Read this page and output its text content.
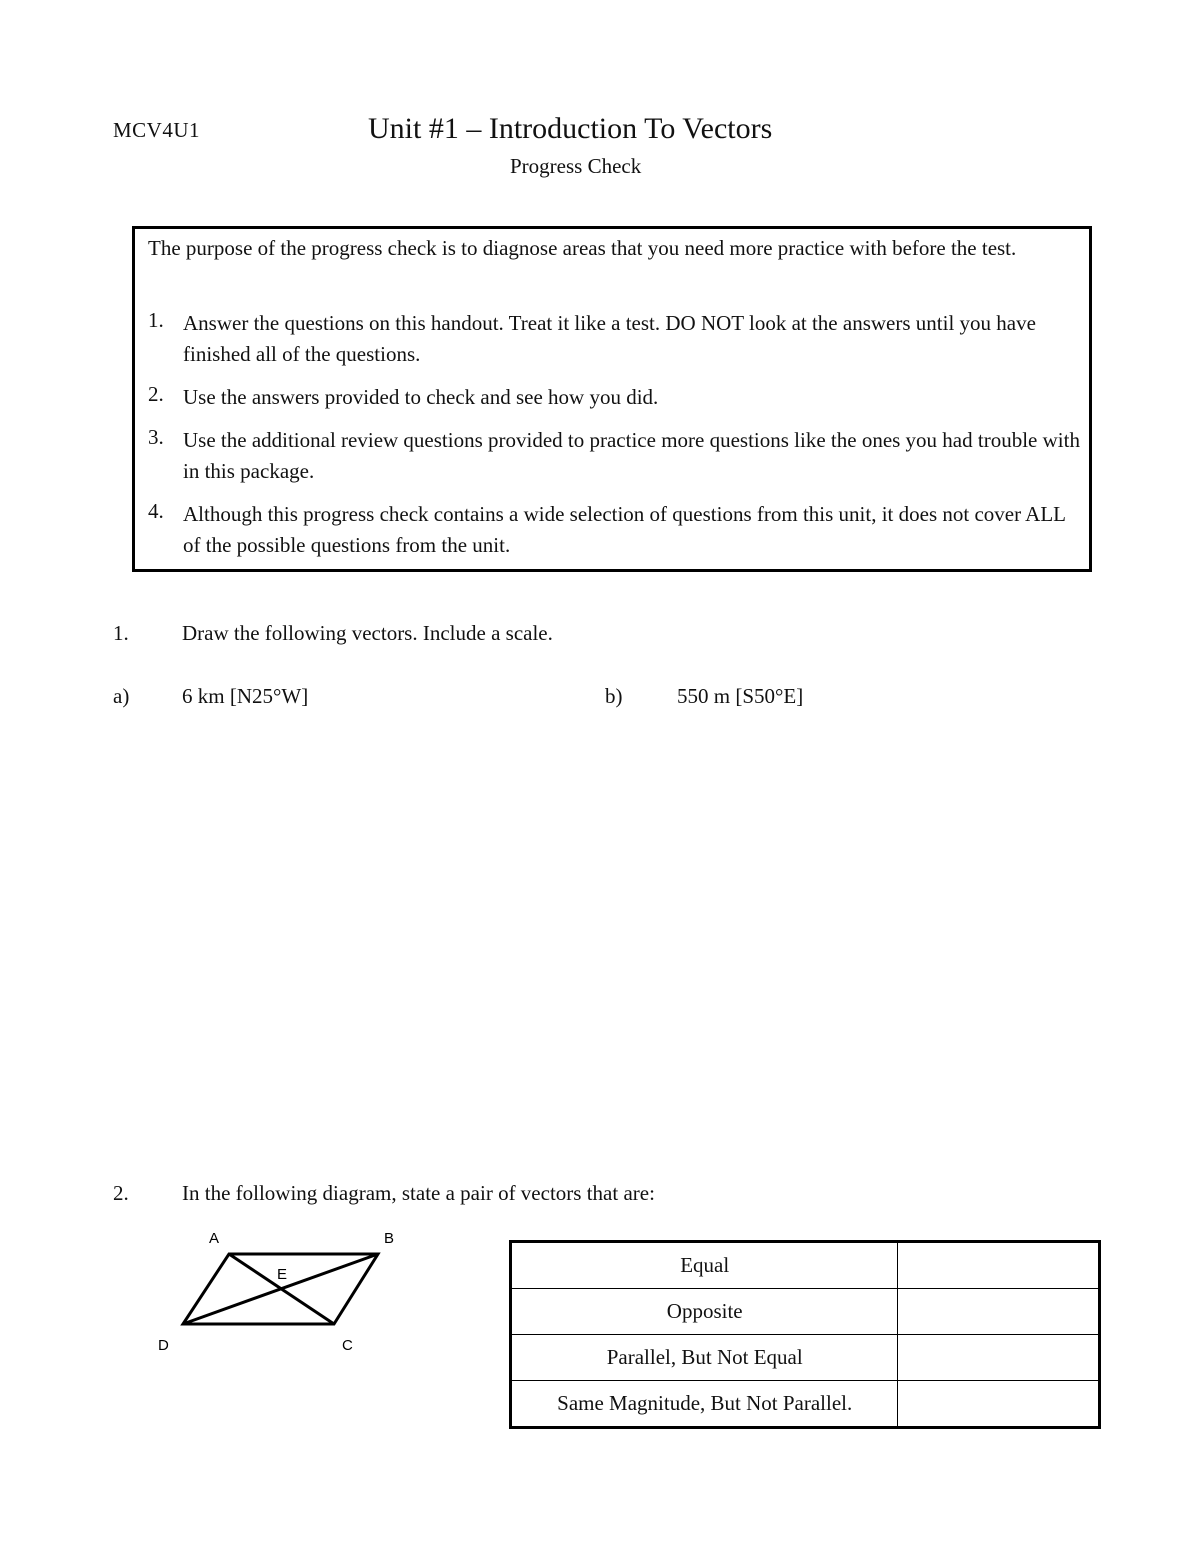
MCV4U1	Unit #1 – Introduction To Vectors
Progress Check
The purpose of the progress check is to diagnose areas that you need more practice with before the test.
1. Answer the questions on this handout. Treat it like a test. DO NOT look at the answers until you have finished all of the questions.
2. Use the answers provided to check and see how you did.
3. Use the additional review questions provided to practice more questions like the ones you had trouble with in this package.
4. Although this progress check contains a wide selection of questions from this unit, it does not cover ALL of the possible questions from the unit.
1.	Draw the following vectors. Include a scale.
a)	6 km [N25°W]	b)	550 m [S50°E]
2.	In the following diagram, state a pair of vectors that are:
A	B
C
D
E	Equal	
Opposite	
Parallel, But Not Equal	
Same Magnitude, But Not Parallel.	
